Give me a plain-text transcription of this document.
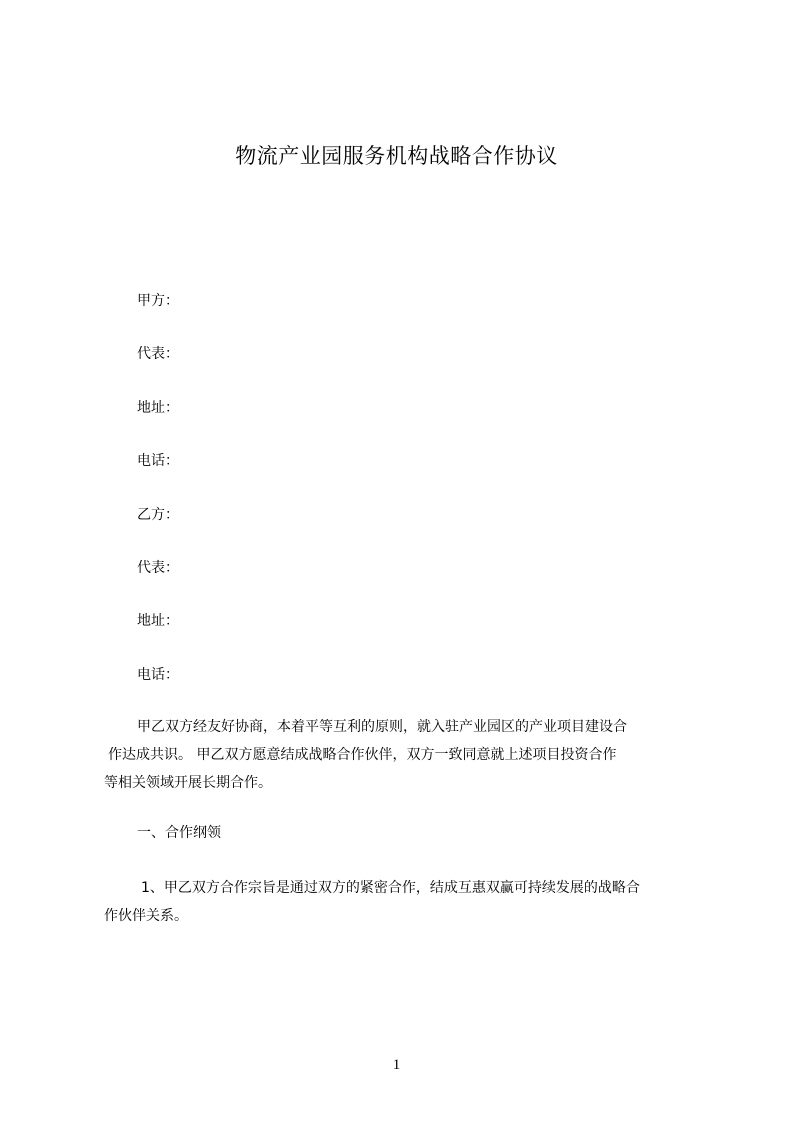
物流产业园服务机构战略合作协议
甲方：
代表：
地址：
电话：
乙方：
代表：
地址：
电话：
甲乙双方经友好协商，本着平等互利的原则，就入驻产业园区的产业项目建设合
作达成共识。 甲乙双方愿意结成战略合作伙伴，双方一致同意就上述项目投资合作
等相关领域开展长期合作。
一、合作纲领
1、甲乙双方合作宗旨是通过双方的紧密合作，结成互惠双赢可持续发展的战略合
作伙伴关系。
1
